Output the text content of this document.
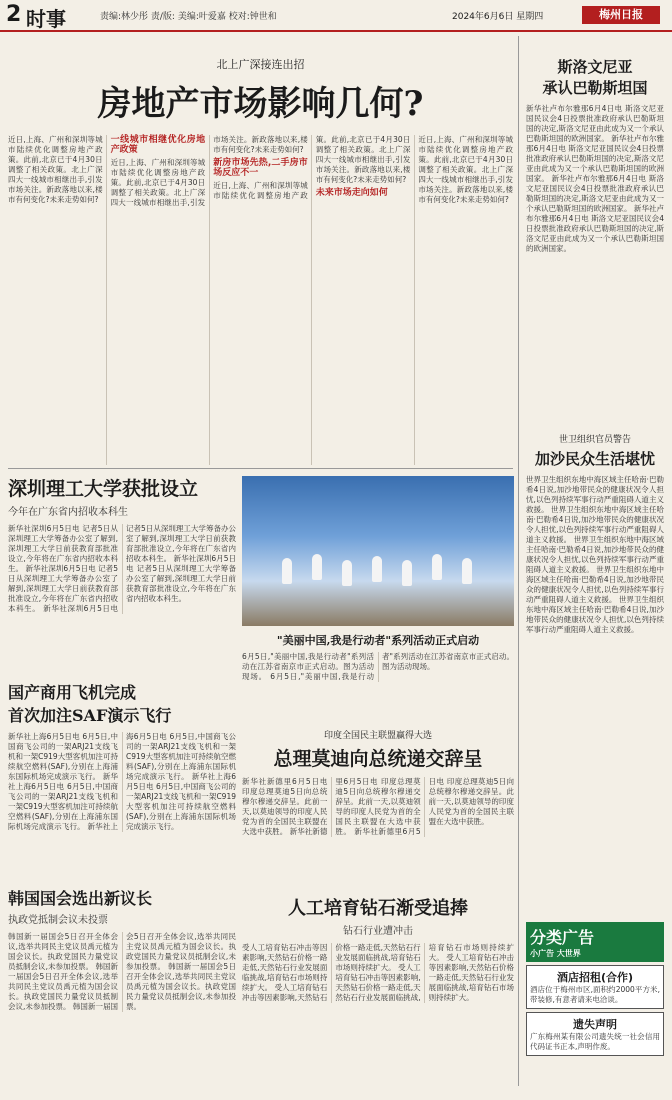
2 时事	责编:林少彤 责/版: 美编:叶爱嘉 校对:钟世和	2024年6月6日 星期四	梅州日报
北上广深接连出招
房地产市场影响几何?
近日,上海、广州和深圳等城市陆续优化调整房地产政策。此前,北京已于4月30日调整了相关政策。北上广深四大一线城市相继出手,引发市场关注。新政落地以来,楼市有何变化?未来走势如何?
一线城市相继优化房地产政策
近日,上海、广州和深圳等城市陆续优化调整房地产政策。此前,北京已于4月30日调整了相关政策。北上广深四大一线城市相继出手,引发市场关注。新政落地以来,楼市有何变化?未来走势如何?
新房市场先热,二手房市场反应不一
近日,上海、广州和深圳等城市陆续优化调整房地产政策。此前,北京已于4月30日调整了相关政策。北上广深四大一线城市相继出手,引发市场关注。新政落地以来,楼市有何变化?未来走势如何?
未来市场走向如何
近日,上海、广州和深圳等城市陆续优化调整房地产政策。此前,北京已于4月30日调整了相关政策。北上广深四大一线城市相继出手,引发市场关注。新政落地以来,楼市有何变化?未来走势如何?
斯洛文尼亚
承认巴勒斯坦国
新华社卢布尔雅那6月4日电 斯洛文尼亚国民议会4日投票批准政府承认巴勒斯坦国的决定,斯洛文尼亚由此成为又一个承认巴勒斯坦国的欧洲国家。 新华社卢布尔雅那6月4日电 斯洛文尼亚国民议会4日投票批准政府承认巴勒斯坦国的决定,斯洛文尼亚由此成为又一个承认巴勒斯坦国的欧洲国家。 新华社卢布尔雅那6月4日电 斯洛文尼亚国民议会4日投票批准政府承认巴勒斯坦国的决定,斯洛文尼亚由此成为又一个承认巴勒斯坦国的欧洲国家。 新华社卢布尔雅那6月4日电 斯洛文尼亚国民议会4日投票批准政府承认巴勒斯坦国的决定,斯洛文尼亚由此成为又一个承认巴勒斯坦国的欧洲国家。
世卫组织官员警告
加沙民众生活堪忧
世界卫生组织东地中海区域主任哈南·巴勒希4日说,加沙地带民众的健康状况令人担忧,以色列持续军事行动严重阻碍人道主义救援。 世界卫生组织东地中海区域主任哈南·巴勒希4日说,加沙地带民众的健康状况令人担忧,以色列持续军事行动严重阻碍人道主义救援。 世界卫生组织东地中海区域主任哈南·巴勒希4日说,加沙地带民众的健康状况令人担忧,以色列持续军事行动严重阻碍人道主义救援。 世界卫生组织东地中海区域主任哈南·巴勒希4日说,加沙地带民众的健康状况令人担忧,以色列持续军事行动严重阻碍人道主义救援。 世界卫生组织东地中海区域主任哈南·巴勒希4日说,加沙地带民众的健康状况令人担忧,以色列持续军事行动严重阻碍人道主义救援。
深圳理工大学获批设立
今年在广东省内招收本科生
新华社深圳6月5日电 记者5日从深圳理工大学筹备办公室了解到,深圳理工大学日前获教育部批准设立,今年将在广东省内招收本科生。 新华社深圳6月5日电 记者5日从深圳理工大学筹备办公室了解到,深圳理工大学日前获教育部批准设立,今年将在广东省内招收本科生。 新华社深圳6月5日电 记者5日从深圳理工大学筹备办公室了解到,深圳理工大学日前获教育部批准设立,今年将在广东省内招收本科生。 新华社深圳6月5日电 记者5日从深圳理工大学筹备办公室了解到,深圳理工大学日前获教育部批准设立,今年将在广东省内招收本科生。
"美丽中国,我是行动者"系列活动正式启动
6月5日,"美丽中国,我是行动者"系列活动在江苏省南京市正式启动。图为活动现场。 6月5日,"美丽中国,我是行动者"系列活动在江苏省南京市正式启动。图为活动现场。
国产商用飞机完成
首次加注SAF演示飞行
新华社上海6月5日电 6月5日,中国商飞公司的一架ARJ21支线飞机和一架C919大型客机加注可持续航空燃料(SAF),分别在上海浦东国际机场完成演示飞行。 新华社上海6月5日电 6月5日,中国商飞公司的一架ARJ21支线飞机和一架C919大型客机加注可持续航空燃料(SAF),分别在上海浦东国际机场完成演示飞行。 新华社上海6月5日电 6月5日,中国商飞公司的一架ARJ21支线飞机和一架C919大型客机加注可持续航空燃料(SAF),分别在上海浦东国际机场完成演示飞行。 新华社上海6月5日电 6月5日,中国商飞公司的一架ARJ21支线飞机和一架C919大型客机加注可持续航空燃料(SAF),分别在上海浦东国际机场完成演示飞行。
印度全国民主联盟赢得大选
总理莫迪向总统递交辞呈
新华社新德里6月5日电 印度总理莫迪5日向总统穆尔穆递交辞呈。此前一天,以莫迪领导的印度人民党为首的全国民主联盟在大选中获胜。 新华社新德里6月5日电 印度总理莫迪5日向总统穆尔穆递交辞呈。此前一天,以莫迪领导的印度人民党为首的全国民主联盟在大选中获胜。 新华社新德里6月5日电 印度总理莫迪5日向总统穆尔穆递交辞呈。此前一天,以莫迪领导的印度人民党为首的全国民主联盟在大选中获胜。
韩国国会选出新议长
执政党抵制会议未投票
韩国新一届国会5日召开全体会议,选举共同民主党议员禹元植为国会议长。执政党国民力量党议员抵制会议,未参加投票。 韩国新一届国会5日召开全体会议,选举共同民主党议员禹元植为国会议长。执政党国民力量党议员抵制会议,未参加投票。 韩国新一届国会5日召开全体会议,选举共同民主党议员禹元植为国会议长。执政党国民力量党议员抵制会议,未参加投票。 韩国新一届国会5日召开全体会议,选举共同民主党议员禹元植为国会议长。执政党国民力量党议员抵制会议,未参加投票。
人工培育钻石渐受追捧
钻石行业遭冲击
受人工培育钻石冲击等因素影响,天然钻石价格一路走低,天然钻石行业发展面临挑战,培育钻石市场则持续扩大。 受人工培育钻石冲击等因素影响,天然钻石价格一路走低,天然钻石行业发展面临挑战,培育钻石市场则持续扩大。 受人工培育钻石冲击等因素影响,天然钻石价格一路走低,天然钻石行业发展面临挑战,培育钻石市场则持续扩大。 受人工培育钻石冲击等因素影响,天然钻石价格一路走低,天然钻石行业发展面临挑战,培育钻石市场则持续扩大。
分类广告
小广告 大世界
酒店招租(合作)
酒店位于梅州市区,面积约2000平方米,带装修,有意者请来电洽谈。
遗失声明
广东梅州某有限公司遗失统一社会信用代码证书正本,声明作废。
